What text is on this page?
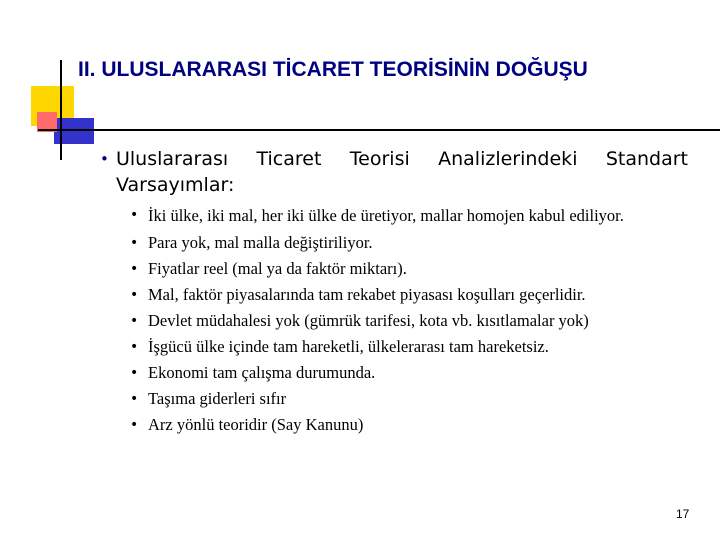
II. ULUSLARARASI TİCARET TEORİSİNİN DOĞUŞU
• Uluslararası Ticaret Teorisi Analizlerindeki Standart Varsayımlar:
• İki ülke, iki mal, her iki ülke de üretiyor, mallar homojen kabul ediliyor.
• Para yok, mal malla değiştiriliyor.
• Fiyatlar reel (mal ya da faktör miktarı).
• Mal, faktör piyasalarında tam rekabet piyasası koşulları geçerlidir.
• Devlet müdahalesi yok (gümrük tarifesi, kota vb. kısıtlamalar yok)
• İşgücü ülke içinde tam hareketli, ülkelerarası tam hareketsiz.
• Ekonomi tam çalışma durumunda.
• Taşıma giderleri sıfır
• Arz yönlü teoridir (Say Kanunu)
17
